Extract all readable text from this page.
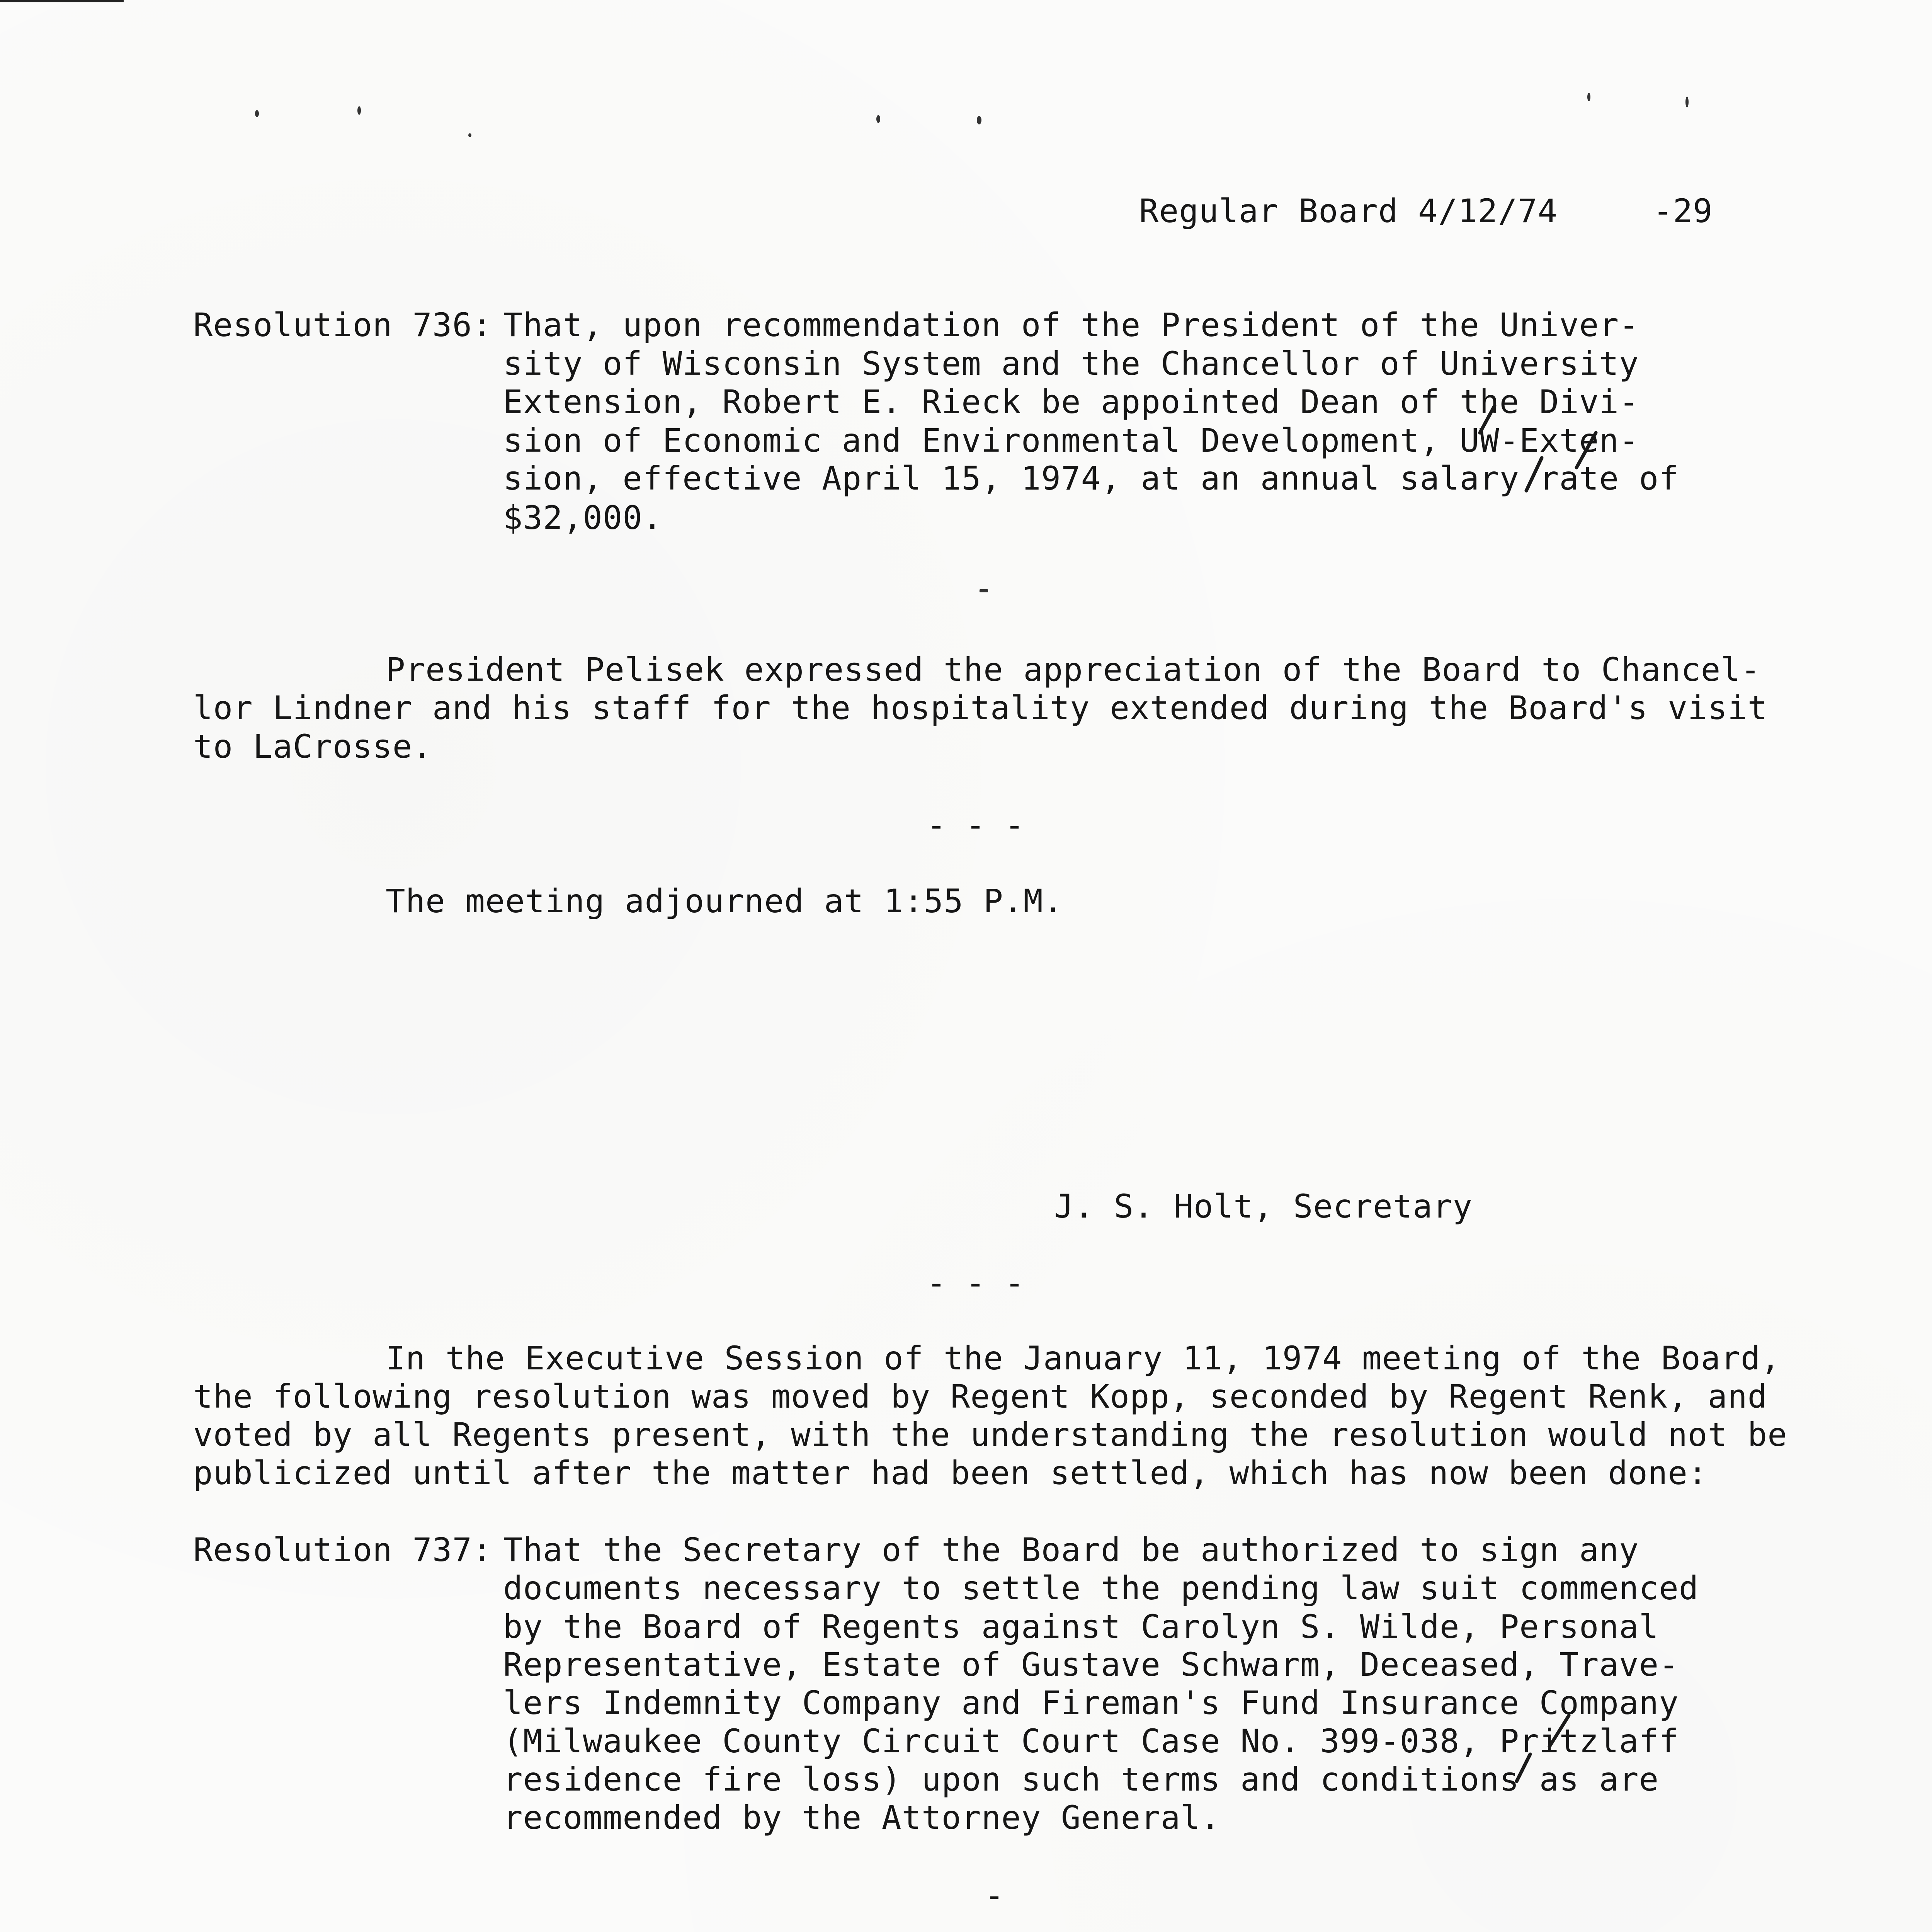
Regular Board 4/12/74	-29
Resolution 736: That, upon recommendation of the President of the Univer-
sity of Wisconsin System and the Chancellor of University
Extension, Robert E. Rieck be appointed Dean of the Divi-
sion of Economic and Environmental Development, UW-Exten-
sion, effective April 15, 1974, at an annual salary rate of
$32,000.
President Pelisek expressed the appreciation of the Board to Chancel-
lor Lindner and his staff for the hospitality extended during the Board's visit
to LaCrosse.
- - -
The meeting adjourned at 1:55 P.M.
J. S. Holt, Secretary
- - -
In the Executive Session of the January 11, 1974 meeting of the Board,
the following resolution was moved by Regent Kopp, seconded by Regent Renk, and
voted by all Regents present, with the understanding the resolution would not be
publicized until after the matter had been settled, which has now been done:
Resolution 737: That the Secretary of the Board be authorized to sign any
documents necessary to settle the pending law suit commenced
by the Board of Regents against Carolyn S. Wilde, Personal
Representative, Estate of Gustave Schwarm, Deceased, Trave-
lers Indemnity Company and Fireman's Fund Insurance Company
(Milwaukee County Circuit Court Case No. 399-038, Pritzlaff
residence fire loss) upon such terms and conditions as are
recommended by the Attorney General.
-
